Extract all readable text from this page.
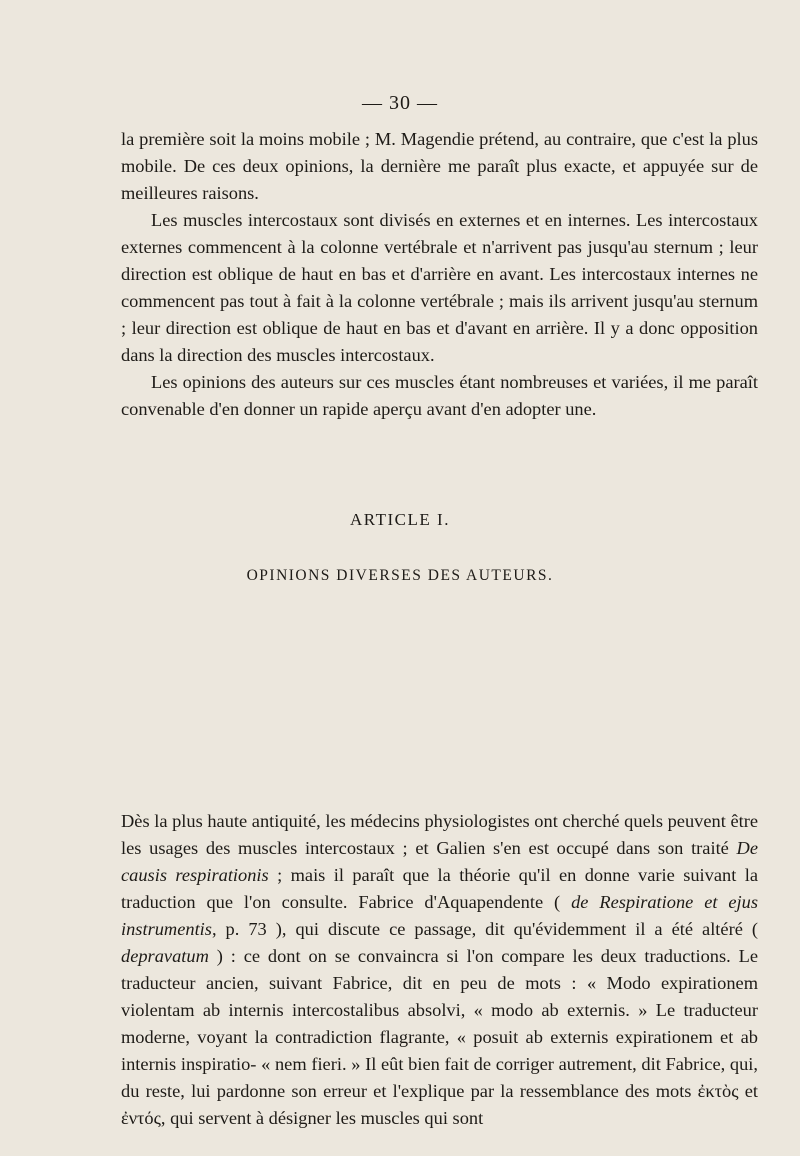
— 30 —

la première soit la moins mobile ; M. Magendie prétend, au contraire, que c'est la plus mobile. De ces deux opinions, la dernière me paraît plus exacte, et appuyée sur de meilleures raisons.

Les muscles intercostaux sont divisés en externes et en internes. Les intercostaux externes commencent à la colonne vertébrale et n'arrivent pas jusqu'au sternum ; leur direction est oblique de haut en bas et d'arrière en avant. Les intercostaux internes ne commencent pas tout à fait à la colonne vertébrale ; mais ils arrivent jusqu'au sternum ; leur direction est oblique de haut en bas et d'avant en arrière. Il y a donc opposition dans la direction des muscles intercostaux.

Les opinions des auteurs sur ces muscles étant nombreuses et variées, il me paraît convenable d'en donner un rapide aperçu avant d'en adopter une.

ARTICLE I.
OPINIONS DIVERSES DES AUTEURS.

Dès la plus haute antiquité, les médecins physiologistes ont cherché quels peuvent être les usages des muscles intercostaux ; et Galien s'en est occupé dans son traité De causis respirationis ; mais il paraît que la théorie qu'il en donne varie suivant la traduction que l'on consulte. Fabrice d'Aquapendente ( de Respiratione et ejus instrumentis, p. 73 ), qui discute ce passage, dit qu'évidemment il a été altéré ( depravatum ) : ce dont on se convaincra si l'on compare les deux traductions. Le traducteur ancien, suivant Fabrice, dit en peu de mots : « Modo expirationem violentam ab internis intercostalibus absolvi, « modo ab externis. » Le traducteur moderne, voyant la contradiction flagrante, « posuit ab externis expirationem et ab internis inspiratio- « nem fieri. » Il eût bien fait de corriger autrement, dit Fabrice, qui, du reste, lui pardonne son erreur et l'explique par la ressemblance des mots ἐκτὸς et ἐντός, qui servent à désigner les muscles qui sont
